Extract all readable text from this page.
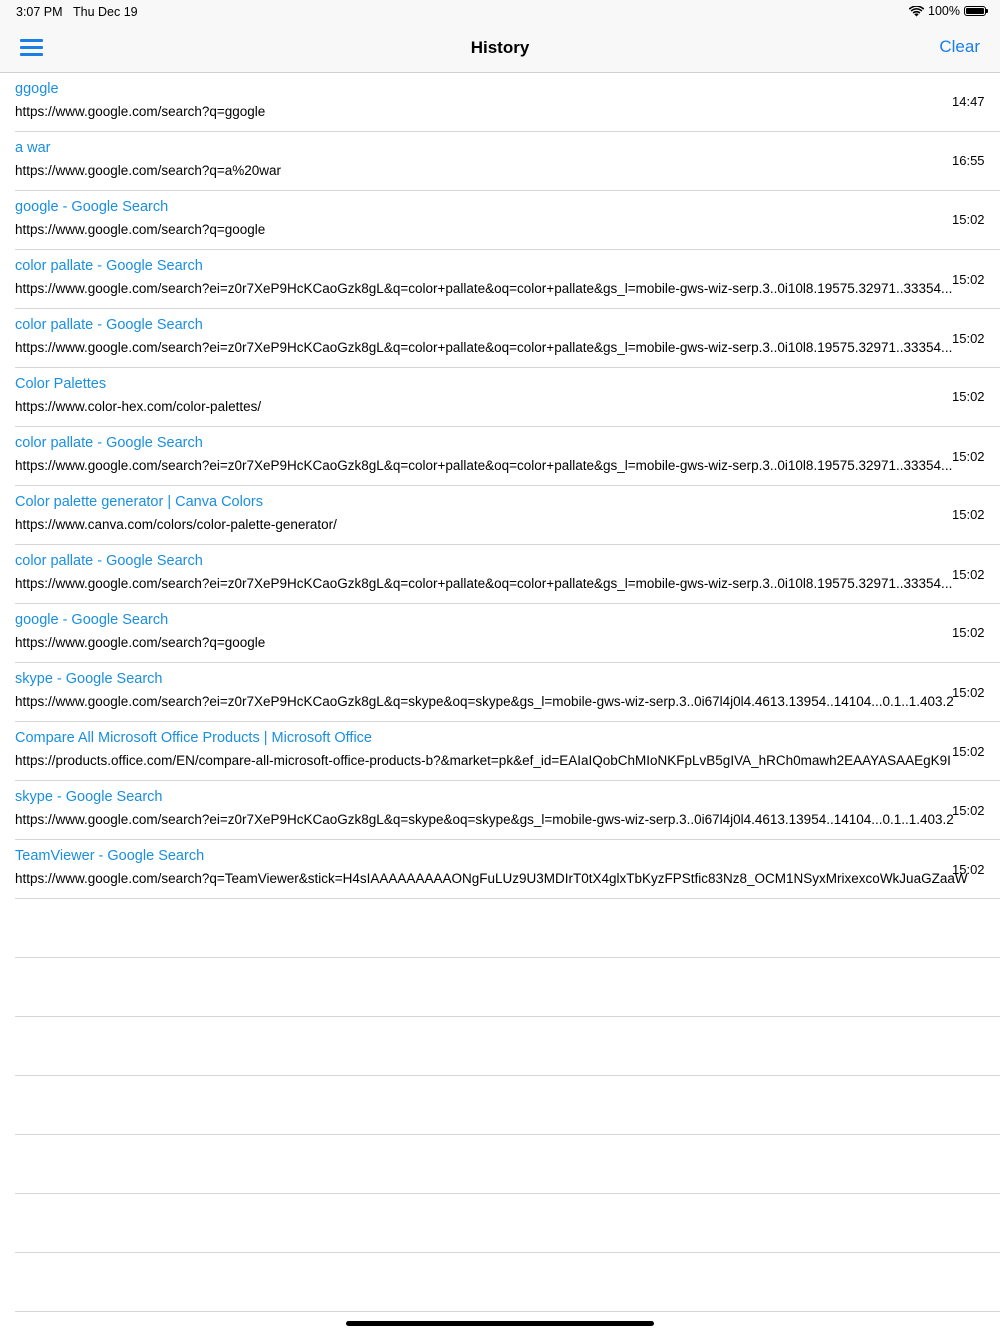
3:07 PM Thu Dec 19	100%
History	Clear
ggogle
https://www.google.com/search?q=ggogle
14:47
a war
https://www.google.com/search?q=a%20war
16:55
google - Google Search
https://www.google.com/search?q=google
15:02
color pallate - Google Search
https://www.google.com/search?ei=z0r7XeP9HcKCaoGzk8gL&q=color+pallate&oq=color+pallate&gs_l=mobile-gws-wiz-serp.3..0i10l8.19575.32971..33354...
15:02
color pallate - Google Search
https://www.google.com/search?ei=z0r7XeP9HcKCaoGzk8gL&q=color+pallate&oq=color+pallate&gs_l=mobile-gws-wiz-serp.3..0i10l8.19575.32971..33354...
15:02
Color Palettes
https://www.color-hex.com/color-palettes/
15:02
color pallate - Google Search
https://www.google.com/search?ei=z0r7XeP9HcKCaoGzk8gL&q=color+pallate&oq=color+pallate&gs_l=mobile-gws-wiz-serp.3..0i10l8.19575.32971..33354...
15:02
Color palette generator | Canva Colors
https://www.canva.com/colors/color-palette-generator/
15:02
color pallate - Google Search
https://www.google.com/search?ei=z0r7XeP9HcKCaoGzk8gL&q=color+pallate&oq=color+pallate&gs_l=mobile-gws-wiz-serp.3..0i10l8.19575.32971..33354...
15:02
google - Google Search
https://www.google.com/search?q=google
15:02
skype - Google Search
https://www.google.com/search?ei=z0r7XeP9HcKCaoGzk8gL&q=skype&oq=skype&gs_l=mobile-gws-wiz-serp.3..0i67l4j0l4.4613.13954..14104...0.1..1.403.2
15:02
Compare All Microsoft Office Products | Microsoft Office
https://products.office.com/EN/compare-all-microsoft-office-products-b?&market=pk&ef_id=EAIaIQobChMIoNKFpLvB5gIVA_hRCh0mawh2EAAYASAAEgK9I
15:02
skype - Google Search
https://www.google.com/search?ei=z0r7XeP9HcKCaoGzk8gL&q=skype&oq=skype&gs_l=mobile-gws-wiz-serp.3..0i67l4j0l4.4613.13954..14104...0.1..1.403.2
15:02
TeamViewer - Google Search
https://www.google.com/search?q=TeamViewer&stick=H4sIAAAAAAAAAONgFuLUz9U3MDIrT0tX4glxTbKyzFPStfic83Nz8_OCM1NSyxMrixexcoWkJuaGZaaW
15:02
